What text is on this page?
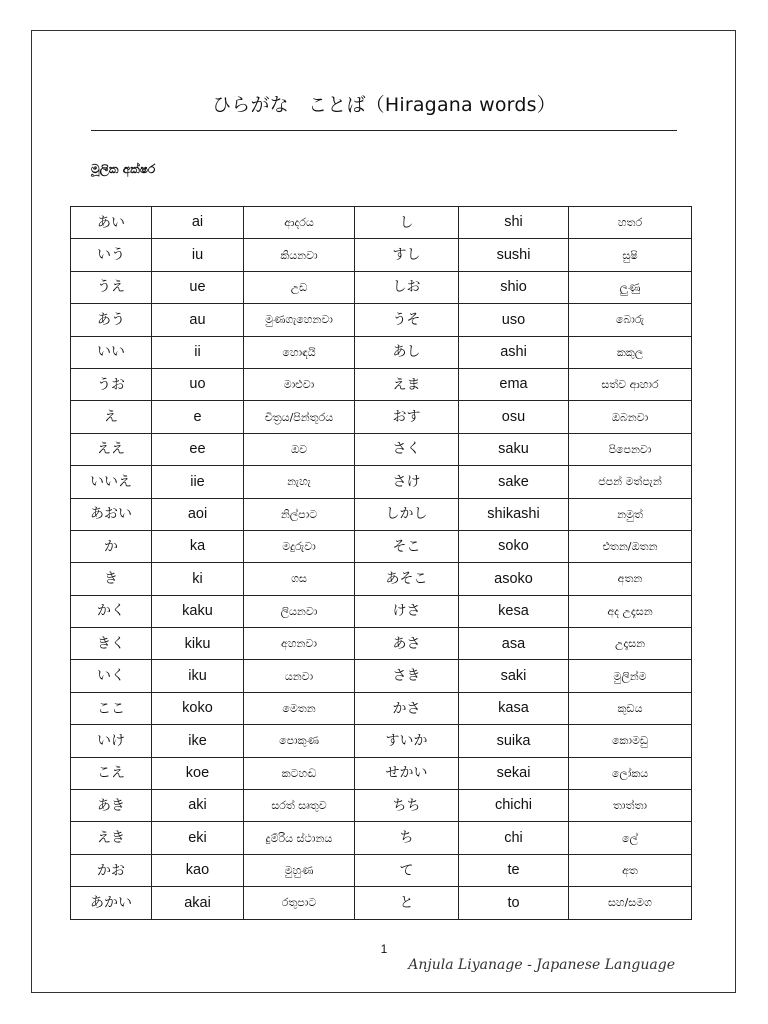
ひらがな　ことば（Hiragana words）
මූලික අක්ෂර
あい	ai	ආදරය	し	shi	හතර
いう	iu	කියනවා	すし	sushi	සුෂි
うえ	ue	උඩ	しお	shio	ලුණු
あう	au	මුණගැහෙනවා	うそ	uso	බොරු
いい	ii	හොඳයි	あし	ashi	කකුල
うお	uo	මාළුවා	えま	ema	සත්ව ආහාර
え	e	චිත්‍රය/පින්තූරය	おす	osu	ඔබනවා
ええ	ee	ඔව	さく	saku	පිපෙනවා
いいえ	iie	නැහැ	さけ	sake	ජපන් මත්පැන්
あおい	aoi	නිල්පාට	しかし	shikashi	නමුත්
か	ka	මදුරුවා	そこ	soko	එතන/ඔතන
き	ki	ගස	あそこ	asoko	අතන
かく	kaku	ලියනවා	けさ	kesa	අද උදෑසන
きく	kiku	අහනවා	あさ	asa	උදෑසන
いく	iku	යනවා	さき	saki	මුලින්ම
ここ	koko	මෙතන	かさ	kasa	කුඩය
いけ	ike	පොකුණ	すいか	suika	කොමඩු
こえ	koe	කටහඬ	せかい	sekai	ලෝකය
あき	aki	සරත් සෘතුව	ちち	chichi	තාත්තා
えき	eki	දුම්රිය ස්ථානය	ち	chi	ලේ
かお	kao	මුහුණ	て	te	අත
あかい	akai	රතුපාට	と	to	සහ/සමග
1
Anjula Liyanage - Japanese Language
